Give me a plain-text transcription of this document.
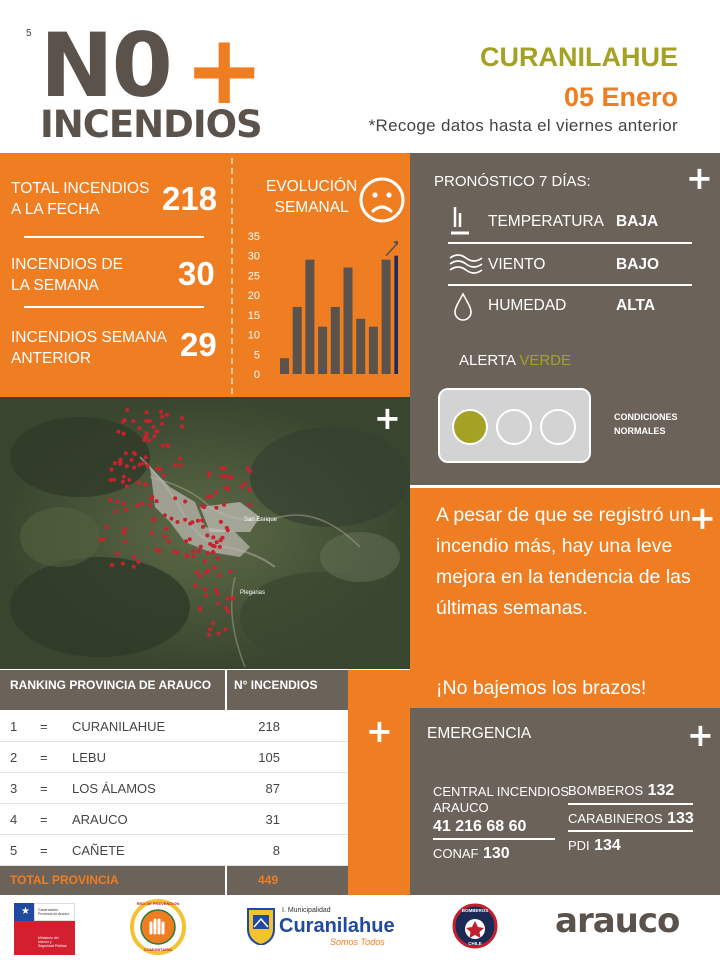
5 N0 +
INCENDIOS
CURANILAHUE
05 Enero
*Recoge datos hasta el viernes anterior
TOTAL INCENDIOS
A LA FECHA	218
INCENDIOS DE
LA SEMANA	30
INCENDIOS SEMANA
ANTERIOR	29
EVOLUCIÓN
SEMANAL
35
30
25
20
15
10
5
0
+
PRONÓSTICO 7 DÍAS:
TEMPERATURA BAJA
VIENTO	BAJO
HUMEDAD	ALTA
ALERTA VERDE
CONDICIONES
NORMALES
San Enrique
Plegarias
+
A pesar de que se registró un incendio más, hay una leve mejora en la tendencia de las últimas semanas.
¡No bajemos los brazos!
+
+
RANKING PROVINCIA DE ARAUCO N° INCENDIOS
1 = CURANILAHUE	218
2 = LEBU	105
3 = LOS ÁLAMOS	87
4 = ARAUCO	31
5 = CAÑETE	8
TOTAL PROVINCIA	449
EMERGENCIA	+
CENTRAL INCENDIOS
ARAUCO
41 216 68 60
CONAF 130
BOMBEROS 132
CARABINEROS 133
PDI 134
★ Gobernación
Provincia de Arauco
Ministerio del
Interior y
Seguridad Pública
RED DE PREVENCION
COMUNITARIA
I. Municipalidad
Curanilahue
Somos Todos
BOMBEROS
CHILE
arauco
